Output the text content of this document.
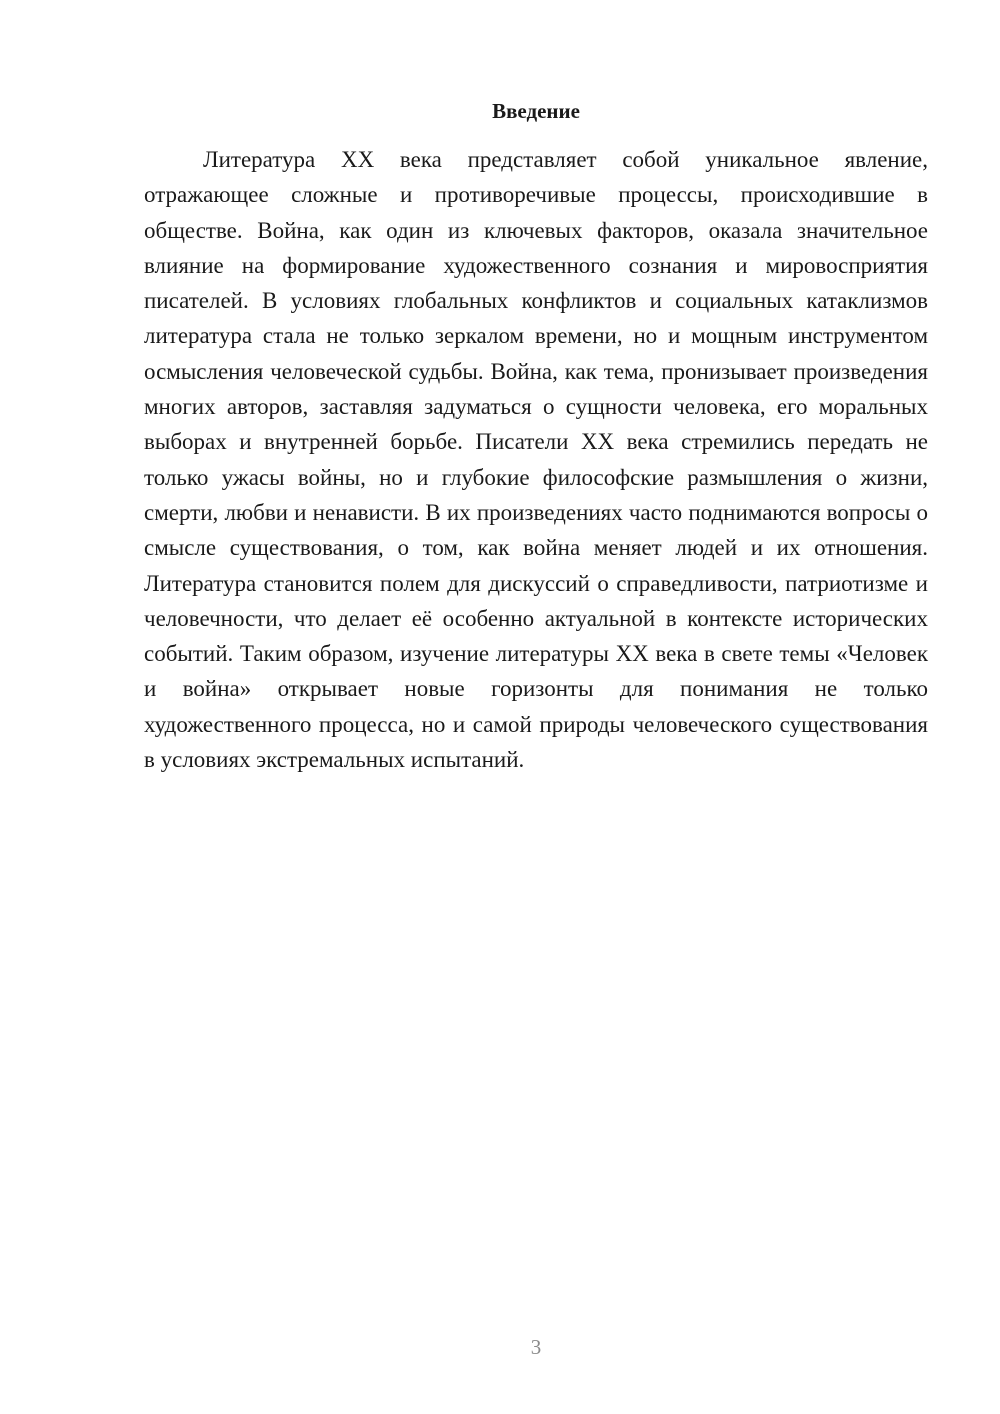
Введение

Литература XX века представляет собой уникальное явление, отражающее сложные и противоречивые процессы, происходившие в обществе. Война, как один из ключевых факторов, оказала значительное влияние на формирование художественного сознания и мировосприятия писателей. В условиях глобальных конфликтов и социальных катаклизмов литература стала не только зеркалом времени, но и мощным инструментом осмысления человеческой судьбы. Война, как тема, пронизывает произведения многих авторов, заставляя задуматься о сущности человека, его моральных выборах и внутренней борьбе. Писатели XX века стремились передать не только ужасы войны, но и глубокие философские размышления о жизни, смерти, любви и ненависти. В их произведениях часто поднимаются вопросы о смысле существования, о том, как война меняет людей и их отношения. Литература становится полем для дискуссий о справедливости, патриотизме и человечности, что делает её особенно актуальной в контексте исторических событий. Таким образом, изучение литературы XX века в свете темы «Человек и война» открывает новые горизонты для понимания не только художественного процесса, но и самой природы человеческого существования в условиях экстремальных испытаний.

3
